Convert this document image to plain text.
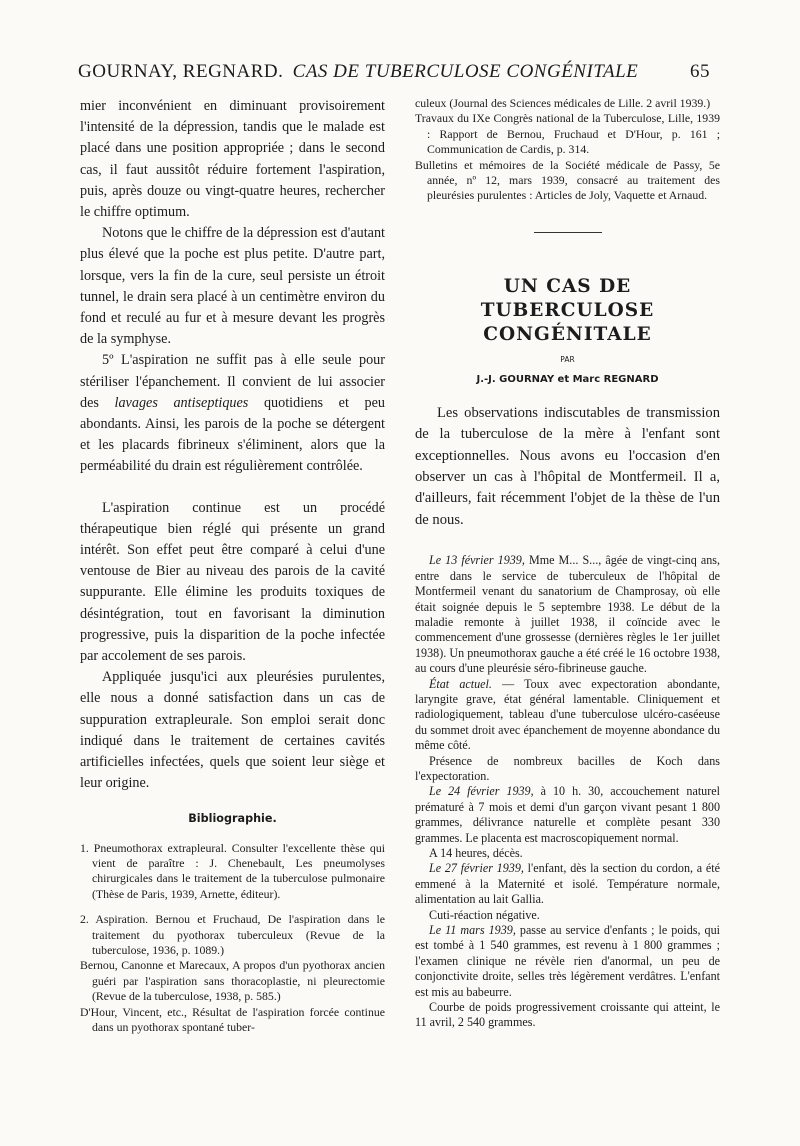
GOURNAY, REGNARD. CAS DE TUBERCULOSE CONGÉNITALE	65

mier inconvénient en diminuant provisoirement l'intensité de la dépression, tandis que le malade est placé dans une position appropriée ; dans le second cas, il faut aussitôt réduire fortement l'aspiration, puis, après douze ou vingt-quatre heures, rechercher le chiffre optimum.

Notons que le chiffre de la dépression est d'autant plus élevé que la poche est plus petite. D'autre part, lorsque, vers la fin de la cure, seul persiste un étroit tunnel, le drain sera placé à un centimètre environ du fond et reculé au fur et à mesure devant les progrès de la symphyse.

5º L'aspiration ne suffit pas à elle seule pour stériliser l'épanchement. Il convient de lui associer des lavages antiseptiques quotidiens et peu abondants. Ainsi, les parois de la poche se détergent et les placards fibrineux s'éliminent, alors que la perméabilité du drain est régulièrement contrôlée.

L'aspiration continue est un procédé thérapeutique bien réglé qui présente un grand intérêt. Son effet peut être comparé à celui d'une ventouse de Bier au niveau des parois de la cavité suppurante. Elle élimine les produits toxiques de désintégration, tout en favorisant la diminution progressive, puis la disparition de la poche infectée par accolement de ses parois.

Appliquée jusqu'ici aux pleurésies purulentes, elle nous a donné satisfaction dans un cas de suppuration extrapleurale. Son emploi serait donc indiqué dans le traitement de certaines cavités artificielles infectées, quels que soient leur siège et leur origine.

Bibliographie.
1. Pneumothorax extrapleural. Consulter l'excellente thèse qui vient de paraître : J. Chenebault, Les pneumolyses chirurgicales dans le traitement de la tuberculose pulmonaire (Thèse de Paris, 1939, Arnette, éditeur).
2. Aspiration. Bernou et Fruchaud, De l'aspiration dans le traitement du pyothorax tuberculeux (Revue de la tuberculose, 1936, p. 1089.)
Bernou, Canonne et Marecaux, A propos d'un pyothorax ancien guéri par l'aspiration sans thoracoplastie, ni pleurectomie (Revue de la tuberculose, 1938, p. 585.)
D'Hour, Vincent, etc., Résultat de l'aspiration forcée continue dans un pyothorax spontané tuber-
culeux (Journal des Sciences médicales de Lille. 2 avril 1939.)
Travaux du IXe Congrès national de la Tuberculose, Lille, 1939 : Rapport de Bernou, Fruchaud et D'Hour, p. 161 ; Communication de Cardis, p. 314.
Bulletins et mémoires de la Société médicale de Passy, 5e année, nº 12, mars 1939, consacré au traitement des pleurésies purulentes : Articles de Joly, Vaquette et Arnaud.
UN CAS DE TUBERCULOSE
CONGÉNITALE
PAR
J.-J. GOURNAY et Marc REGNARD

Les observations indiscutables de transmission de la tuberculose de la mère à l'enfant sont exceptionnelles. Nous avons eu l'occasion d'en observer un cas à l'hôpital de Montfermeil. Il a, d'ailleurs, fait récemment l'objet de la thèse de l'un de nous.

Le 13 février 1939, Mme M... S..., âgée de vingt-cinq ans, entre dans le service de tuberculeux de l'hôpital de Montfermeil venant du sanatorium de Champrosay, où elle était soignée depuis le 5 septembre 1938. Le début de la maladie remonte à juillet 1938, il coïncide avec le commencement d'une grossesse (dernières règles le 1er juillet 1938). Un pneumothorax gauche a été créé le 16 octobre 1938, au cours d'une pleurésie séro-fibrineuse gauche.

État actuel. — Toux avec expectoration abondante, laryngite grave, état général lamentable. Cliniquement et radiologiquement, tableau d'une tuberculose ulcéro-caséeuse du sommet droit avec épanchement de moyenne abondance du même côté.

Présence de nombreux bacilles de Koch dans l'expectoration.

Le 24 février 1939, à 10 h. 30, accouchement naturel prématuré à 7 mois et demi d'un garçon vivant pesant 1 800 grammes, délivrance naturelle et complète pesant 330 grammes. Le placenta est macroscopiquement normal.

A 14 heures, décès.

Le 27 février 1939, l'enfant, dès la section du cordon, a été emmené à la Maternité et isolé. Température normale, alimentation au lait Gallia.

Cuti-réaction négative.

Le 11 mars 1939, passe au service d'enfants ; le poids, qui est tombé à 1 540 grammes, est revenu à 1 800 grammes ; l'examen clinique ne révèle rien d'anormal, un peu de conjonctivite droite, selles très légèrement verdâtres. L'enfant est mis au babeurre.

Courbe de poids progressivement croissante qui atteint, le 11 avril, 2 540 grammes.
